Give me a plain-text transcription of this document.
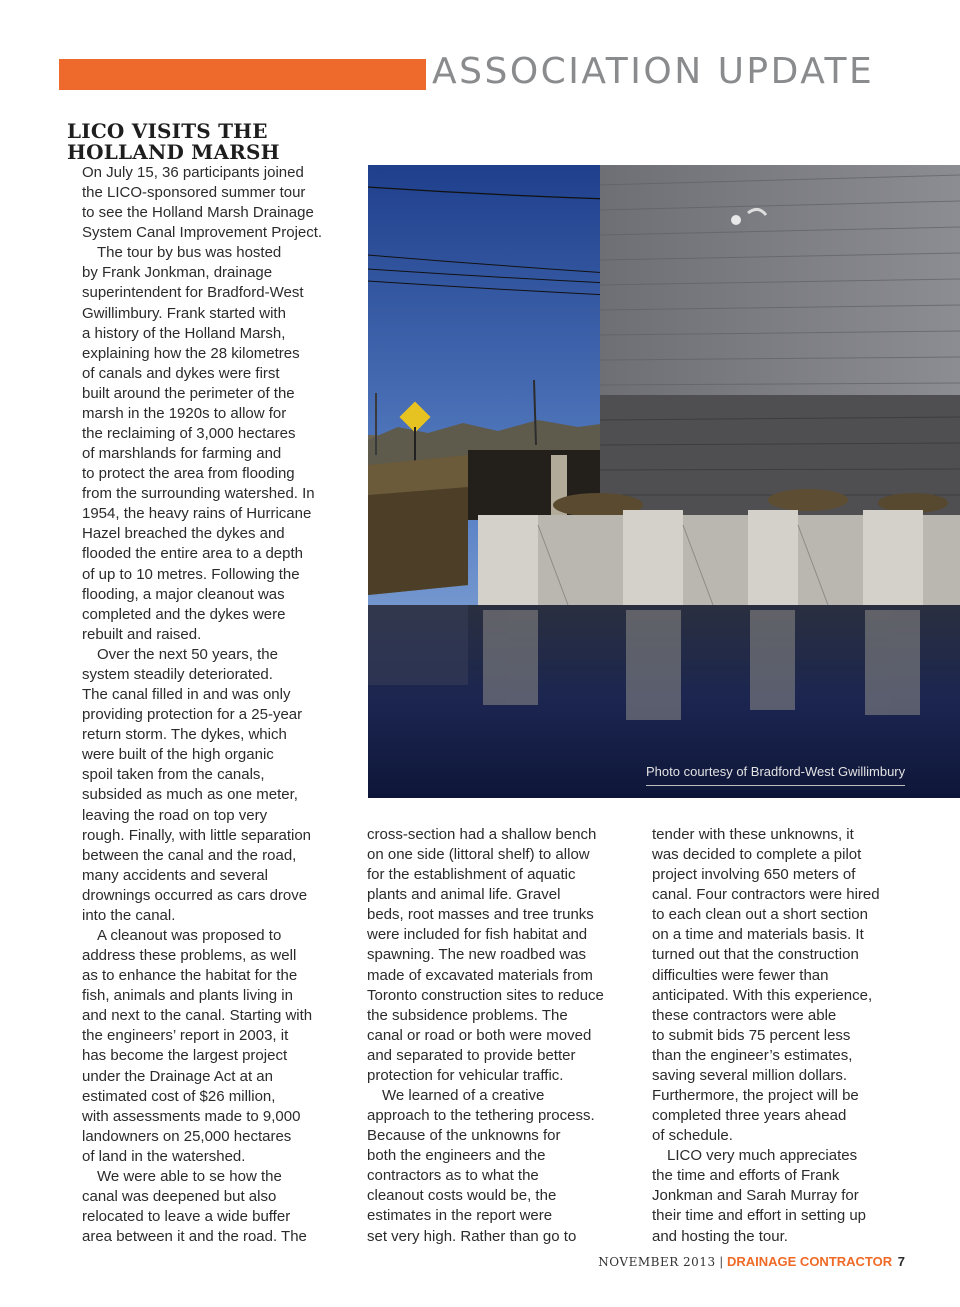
ASSOCIATION UPDATE
LICO VISITS THE
HOLLAND MARSH
On July 15, 36 participants joined
the LICO-sponsored summer tour
to see the Holland Marsh Drainage
System Canal Improvement Project.
The tour by bus was hosted
by Frank Jonkman, drainage
superintendent for Bradford-West
Gwillimbury. Frank started with
a history of the Holland Marsh,
explaining how the 28 kilometres
of canals and dykes were first
built around the perimeter of the
marsh in the 1920s to allow for
the reclaiming of 3,000 hectares
of marshlands for farming and
to protect the area from flooding
from the surrounding watershed. In
1954, the heavy rains of Hurricane
Hazel breached the dykes and
flooded the entire area to a depth
of up to 10 metres. Following the
flooding, a major cleanout was
completed and the dykes were
rebuilt and raised.
Over the next 50 years, the
system steadily deteriorated.
The canal filled in and was only
providing protection for a 25-year
return storm. The dykes, which
were built of the high organic
spoil taken from the canals,
subsided as much as one meter,
leaving the road on top very
rough. Finally, with little separation
between the canal and the road,
many accidents and several
drownings occurred as cars drove
into the canal.
A cleanout was proposed to
address these problems, as well
as to enhance the habitat for the
fish, animals and plants living in
and next to the canal. Starting with
the engineers’ report in 2003, it
has become the largest project
under the Drainage Act at an
estimated cost of $26 million,
with assessments made to 9,000
landowners on 25,000 hectares
of land in the watershed.
We were able to se how the
canal was deepened but also
relocated to leave a wide buffer
area between it and the road. The
cross-section had a shallow bench
on one side (littoral shelf) to allow
for the establishment of aquatic
plants and animal life. Gravel
beds, root masses and tree trunks
were included for fish habitat and
spawning. The new roadbed was
made of excavated materials from
Toronto construction sites to reduce
the subsidence problems. The
canal or road or both were moved
and separated to provide better
protection for vehicular traffic.
We learned of a creative
approach to the tethering process.
Because of the unknowns for
both the engineers and the
contractors as to what the
cleanout costs would be, the
estimates in the report were
set very high. Rather than go to
tender with these unknowns, it
was decided to complete a pilot
project involving 650 meters of
canal. Four contractors were hired
to each clean out a short section
on a time and materials basis. It
turned out that the construction
difficulties were fewer than
anticipated. With this experience,
these contractors were able
to submit bids 75 percent less
than the engineer’s estimates,
saving several million dollars.
Furthermore, the project will be
completed three years ahead
of schedule.
LICO very much appreciates
the time and efforts of Frank
Jonkman and Sarah Murray for
their time and effort in setting up
and hosting the tour.
Photo courtesy of Bradford-West Gwillimbury
NOVEMBER 2013 | DRAINAGE CONTRACTOR 7
